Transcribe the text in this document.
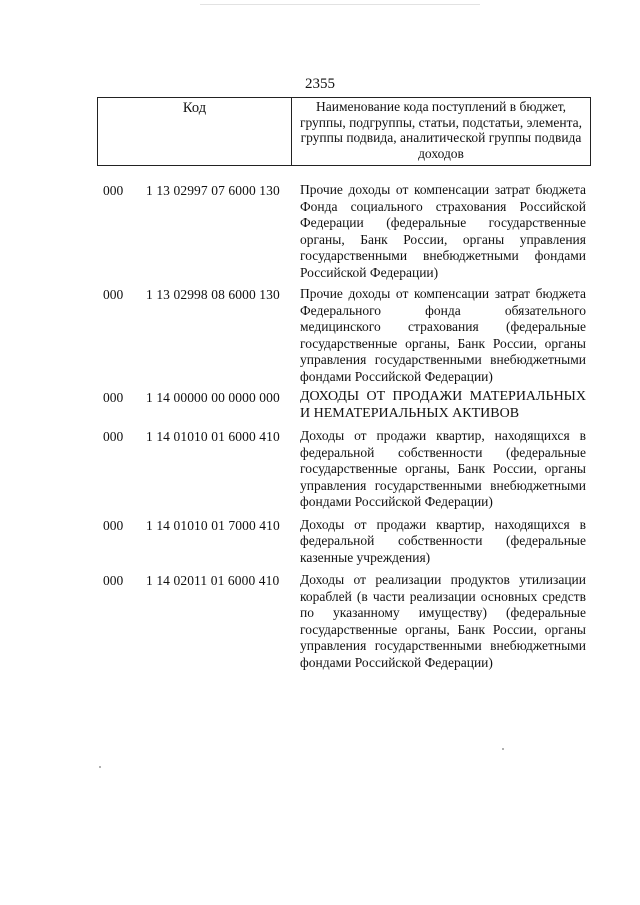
2355
Код	Наименование кода поступлений в бюджет, группы, подгруппы, статьи, подстатьи, элемента, группы подвида, аналитической группы подвида доходов
000	1 13 02997 07 6000 130	Прочие доходы от компенсации затрат бюджета Фонда социального страхования Российской Федерации (федеральные государственные органы, Банк России, органы управления государственными внебюджетными фондами Российской Федерации)
000	1 13 02998 08 6000 130	Прочие доходы от компенсации затрат бюджета Федерального фонда обязательного медицинского страхования (федеральные государственные органы, Банк России, органы управления государственными внебюджетными фондами Российской Федерации)
000	1 14 00000 00 0000 000	ДОХОДЫ ОТ ПРОДАЖИ МАТЕРИАЛЬНЫХ И НЕМАТЕРИАЛЬНЫХ АКТИВОВ
000	1 14 01010 01 6000 410	Доходы от продажи квартир, находящихся в федеральной собственности (федеральные государственные органы, Банк России, органы управления государственными внебюджетными фондами Российской Федерации)
000	1 14 01010 01 7000 410	Доходы от продажи квартир, находящихся в федеральной собственности (федеральные казенные учреждения)
000	1 14 02011 01 6000 410	Доходы от реализации продуктов утилизации кораблей (в части реализации основных средств по указанному имуществу) (федеральные государственные органы, Банк России, органы управления государственными внебюджетными фондами Российской Федерации)
